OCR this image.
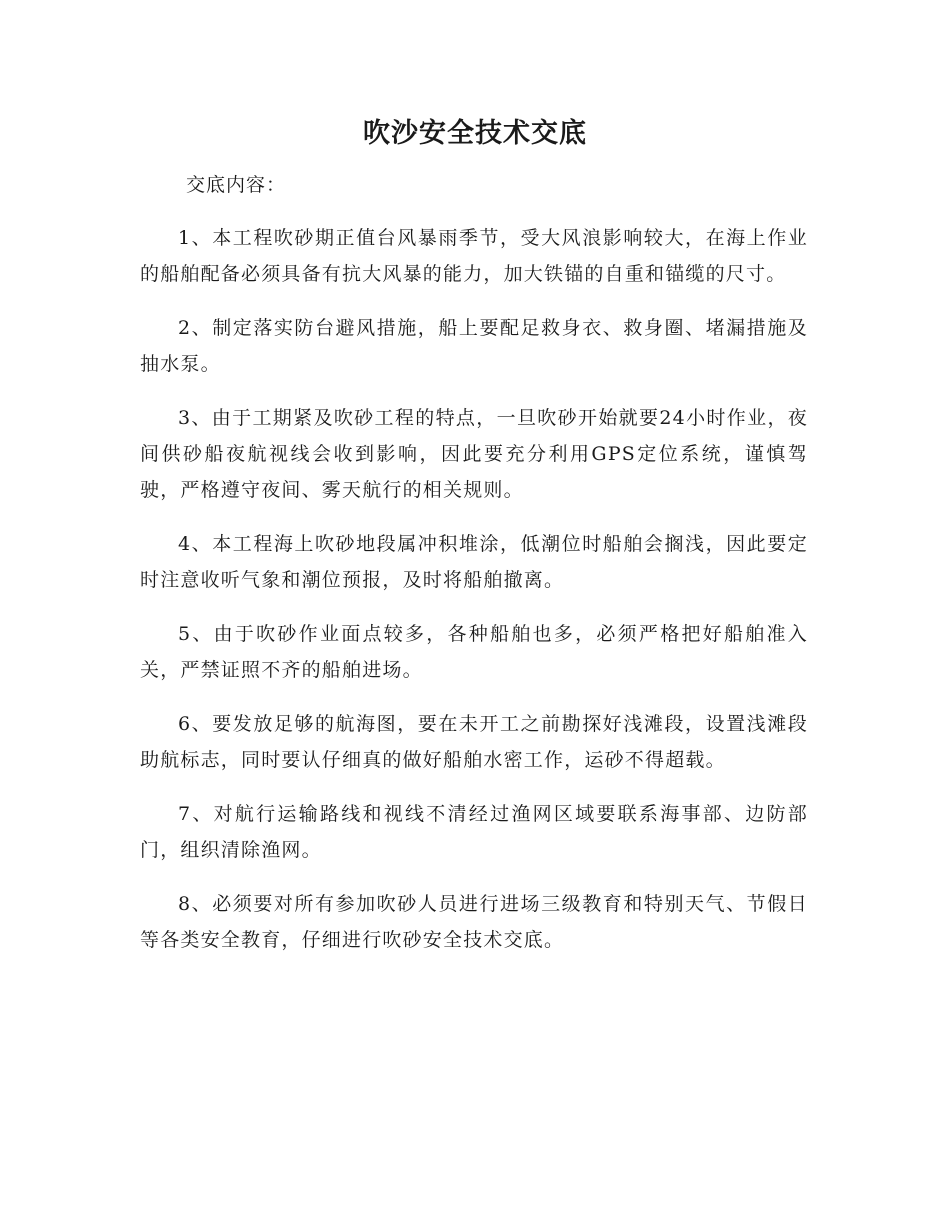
吹沙安全技术交底

交底内容：

1、本工程吹砂期正值台风暴雨季节，受大风浪影响较大，在海上作业的船舶配备必须具备有抗大风暴的能力，加大铁锚的自重和锚缆的尺寸。

2、制定落实防台避风措施，船上要配足救身衣、救身圈、堵漏措施及抽水泵。

3、由于工期紧及吹砂工程的特点，一旦吹砂开始就要24小时作业，夜间供砂船夜航视线会收到影响，因此要充分利用GPS定位系统，谨慎驾驶，严格遵守夜间、雾天航行的相关规则。

4、本工程海上吹砂地段属冲积堆涂，低潮位时船舶会搁浅，因此要定时注意收听气象和潮位预报，及时将船舶撤离。

5、由于吹砂作业面点较多，各种船舶也多，必须严格把好船舶准入关，严禁证照不齐的船舶进场。

6、要发放足够的航海图，要在未开工之前勘探好浅滩段，设置浅滩段助航标志，同时要认仔细真的做好船舶水密工作，运砂不得超载。

7、对航行运输路线和视线不清经过渔网区域要联系海事部、边防部门，组织清除渔网。

8、必须要对所有参加吹砂人员进行进场三级教育和特别天气、节假日等各类安全教育，仔细进行吹砂安全技术交底。
